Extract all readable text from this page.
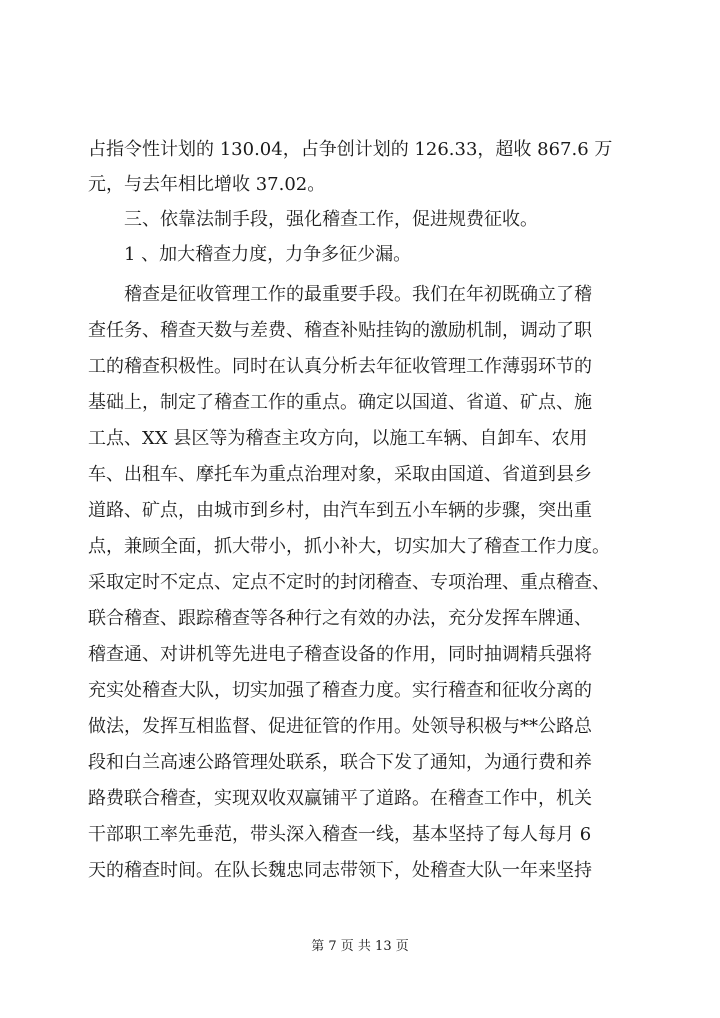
占指令性计划的 130.04，占争创计划的 126.33，超收 867.6 万
元，与去年相比增收 37.02。
三、依靠法制手段，强化稽查工作，促进规费征收。
1 、加大稽查力度，力争多征少漏。
稽查是征收管理工作的最重要手段。我们在年初既确立了稽
查任务、稽查天数与差费、稽查补贴挂钩的激励机制，调动了职
工的稽查积极性。同时在认真分析去年征收管理工作薄弱环节的
基础上，制定了稽查工作的重点。确定以国道、省道、矿点、施
工点、XX 县区等为稽查主攻方向，以施工车辆、自卸车、农用
车、出租车、摩托车为重点治理对象，采取由国道、省道到县乡
道路、矿点，由城市到乡村，由汽车到五小车辆的步骤，突出重
点，兼顾全面，抓大带小，抓小补大，切实加大了稽查工作力度。
采取定时不定点、定点不定时的封闭稽查、专项治理、重点稽查、
联合稽查、跟踪稽查等各种行之有效的办法，充分发挥车牌通、
稽查通、对讲机等先进电子稽查设备的作用，同时抽调精兵强将
充实处稽查大队，切实加强了稽查力度。实行稽查和征收分离的
做法，发挥互相监督、促进征管的作用。处领导积极与**公路总
段和白兰高速公路管理处联系，联合下发了通知，为通行费和养
路费联合稽查，实现双收双赢铺平了道路。在稽查工作中，机关
干部职工率先垂范，带头深入稽查一线，基本坚持了每人每月 6
天的稽查时间。在队长魏忠同志带领下，处稽查大队一年来坚持
第 7 页 共 13 页
